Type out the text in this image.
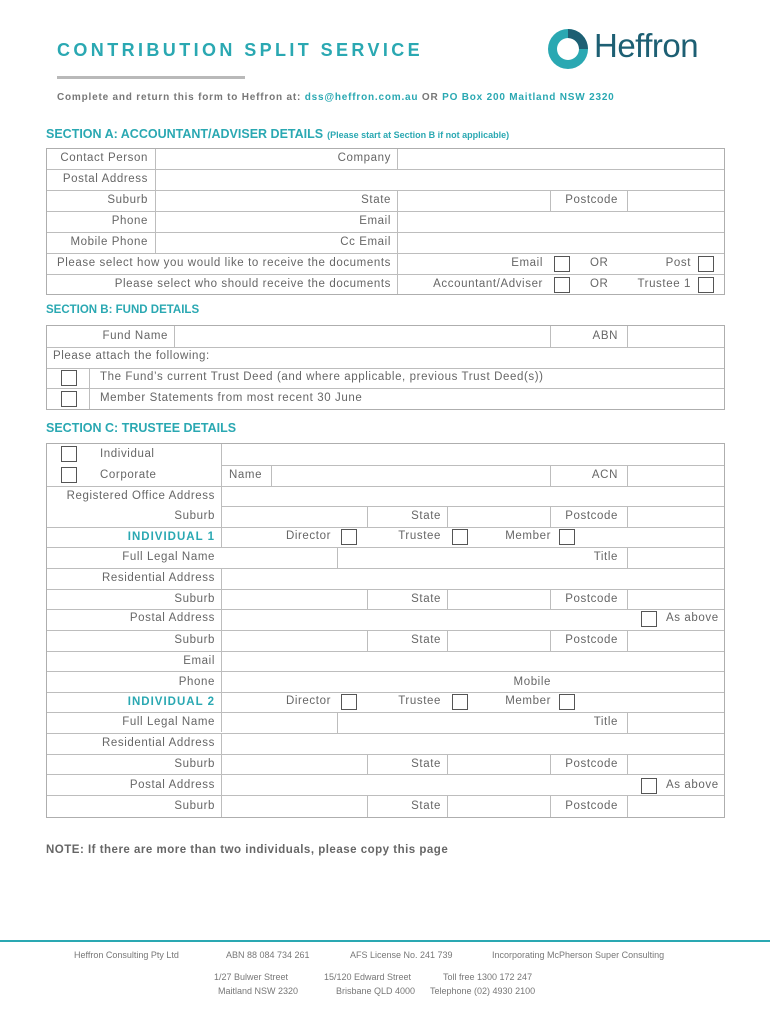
CONTRIBUTION SPLIT SERVICE
Complete and return this form to Heffron at: dss@heffron.com.au OR PO Box 200 Maitland NSW 2320
Heffron
SECTION A: ACCOUNTANT/ADVISER DETAILS (Please start at Section B if not applicable)
Contact Person	Company
Postal Address
Suburb	State	Postcode
Phone	Email
Mobile Phone	Cc Email
Please select how you would like to receive the documents	Email	OR	Post
Please select who should receive the documents	Accountant/Adviser	OR	Trustee 1
SECTION B: FUND DETAILS
Fund Name	ABN
Please attach the following:
The Fund’s current Trust Deed (and where applicable, previous Trust Deed(s))
Member Statements from most recent 30 June
SECTION C: TRUSTEE DETAILS
Individual
Corporate	Name	ACN
Registered Office Address
Suburb	State	Postcode
INDIVIDUAL 1	Director	Trustee	Member
Full Legal Name	Title
Residential Address
Suburb	State	Postcode
Postal Address	As above
Suburb	State	Postcode
Email
Phone	Mobile
INDIVIDUAL 2	Director	Trustee	Member
Full Legal Name	Title
Residential Address
Suburb	State	Postcode
Postal Address	As above
Suburb	State	Postcode
NOTE: If there are more than two individuals, please copy this page
Heffron Consulting Pty Ltd	ABN 88 084 734 261	AFS License No. 241 739	Incorporating McPherson Super Consulting
1/27 Bulwer Street
Maitland NSW 2320
15/120 Edward Street
Brisbane QLD 4000
Toll free 1300 172 247
Telephone (02) 4930 2100
